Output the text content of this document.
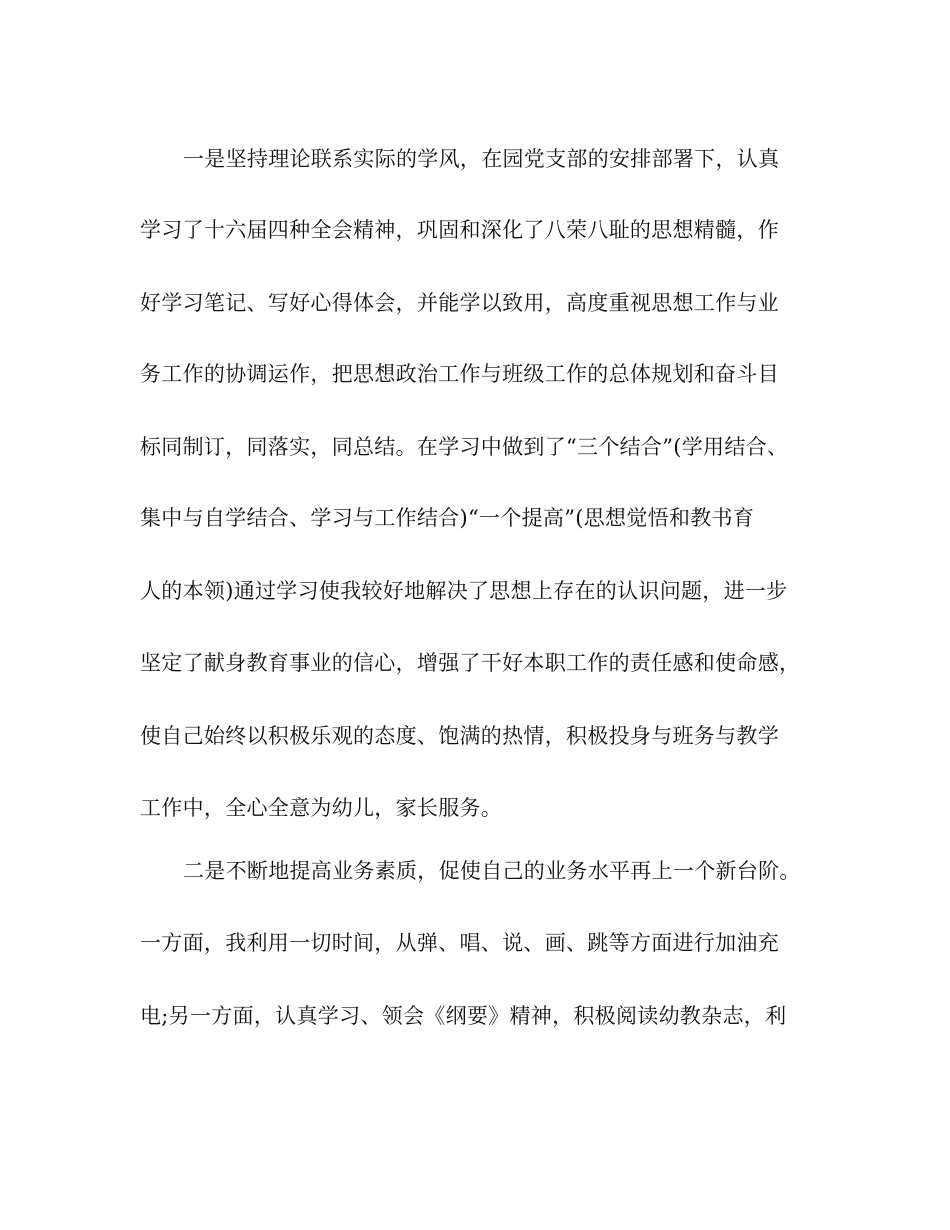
一是坚持理论联系实际的学风，在园党支部的安排部署下，认真
学习了十六届四种全会精神，巩固和深化了八荣八耻的思想精髓，作
好学习笔记、写好心得体会，并能学以致用，高度重视思想工作与业
务工作的协调运作，把思想政治工作与班级工作的总体规划和奋斗目
标同制订，同落实，同总结。在学习中做到了“三个结合”(学用结合、
集中与自学结合、学习与工作结合)“一个提高”(思想觉悟和教书育
人的本领)通过学习使我较好地解决了思想上存在的认识问题，进一步
坚定了献身教育事业的信心，增强了干好本职工作的责任感和使命感，
使自己始终以积极乐观的态度、饱满的热情，积极投身与班务与教学
工作中，全心全意为幼儿，家长服务。
二是不断地提高业务素质，促使自己的业务水平再上一个新台阶。
一方面，我利用一切时间，从弹、唱、说、画、跳等方面进行加油充
电;另一方面，认真学习、领会《纲要》精神，积极阅读幼教杂志，利
